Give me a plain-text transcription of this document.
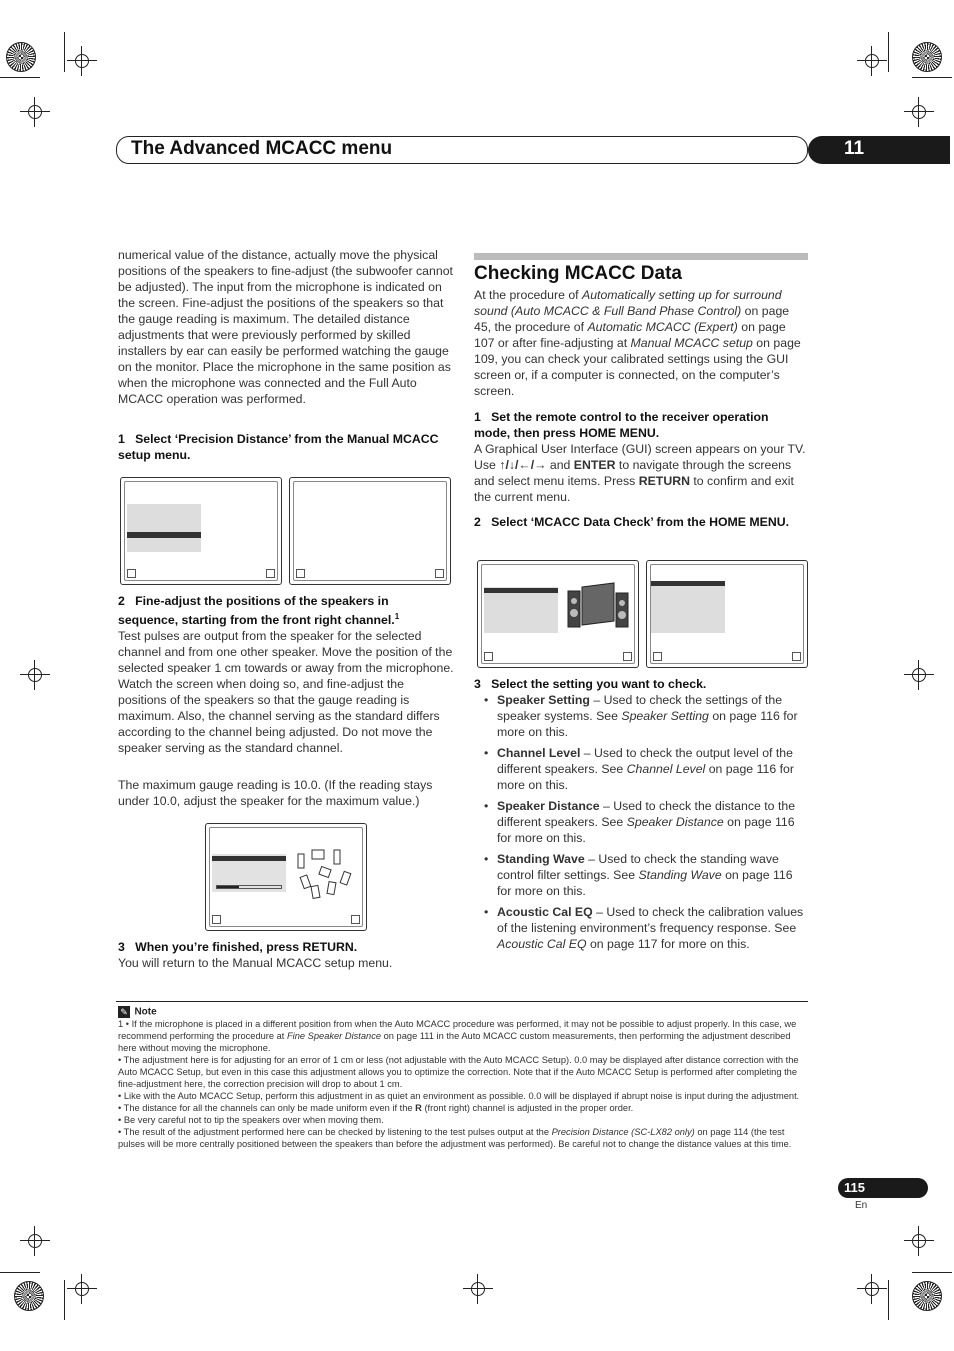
The Advanced MCACC menu	11
numerical value of the distance, actually move the physical positions of the speakers to fine-adjust (the subwoofer cannot be adjusted). The input from the microphone is indicated on the screen. Fine-adjust the positions of the speakers so that the gauge reading is maximum. The detailed distance adjustments that were previously performed by skilled installers by ear can easily be performed watching the gauge on the monitor. Place the microphone in the same position as when the microphone was connected and the Full Auto MCACC operation was performed.
1   Select ‘Precision Distance’ from the Manual MCACC setup menu.
2   Fine-adjust the positions of the speakers in sequence, starting from the front right channel.$^1$
Test pulses are output from the speaker for the selected channel and from one other speaker. Move the position of the selected speaker 1 cm towards or away from the microphone. Watch the screen when doing so, and fine-adjust the positions of the speakers so that the gauge reading is maximum. Also, the channel serving as the standard differs according to the channel being adjusted. Do not move the speaker serving as the standard channel.
The maximum gauge reading is 10.0. (If the reading stays under 10.0, adjust the speaker for the maximum value.)
3   When you’re finished, press RETURN.
You will return to the Manual MCACC setup menu.
Checking MCACC Data
At the procedure of Automatically setting up for surround sound (Auto MCACC & Full Band Phase Control) on page 45, the procedure of Automatic MCACC (Expert) on page 107 or after fine-adjusting at Manual MCACC setup on page 109, you can check your calibrated settings using the GUI screen or, if a computer is connected, on the computer’s screen.
1   Set the remote control to the receiver operation mode, then press HOME MENU.
A Graphical User Interface (GUI) screen appears on your TV. Use ↑/↓/←/→ and ENTER to navigate through the screens and select menu items. Press RETURN to confirm and exit the current menu.
2   Select ‘MCACC Data Check’ from the HOME MENU.
3   Select the setting you want to check.
• Speaker Setting – Used to check the settings of the speaker systems. See Speaker Setting on page 116 for more on this.
• Channel Level – Used to check the output level of the different speakers. See Channel Level on page 116 for more on this.
• Speaker Distance – Used to check the distance to the different speakers. See Speaker Distance on page 116 for more on this.
• Standing Wave – Used to check the standing wave control filter settings. See Standing Wave on page 116 for more on this.
• Acoustic Cal EQ – Used to check the calibration values of the listening environment’s frequency response. See Acoustic Cal EQ on page 117 for more on this.
✎ Note
1 • If the microphone is placed in a different position from when the Auto MCACC procedure was performed, it may not be possible to adjust properly. In this case, we recommend performing the procedure at Fine Speaker Distance on page 111 in the Auto MCACC custom measurements, then performing the adjustment described here without moving the microphone.
• The adjustment here is for adjusting for an error of 1 cm or less (not adjustable with the Auto MCACC Setup). 0.0 may be displayed after distance correction with the Auto MCACC Setup, but even in this case this adjustment allows you to optimize the correction. Note that if the Auto MCACC Setup is performed after completing the fine-adjustment here, the correction precision will drop to about 1 cm.
• Like with the Auto MCACC Setup, perform this adjustment in as quiet an environment as possible. 0.0 will be displayed if abrupt noise is input during the adjustment.
• The distance for all the channels can only be made uniform even if the R (front right) channel is adjusted in the proper order.
• Be very careful not to tip the speakers over when moving them.
• The result of the adjustment performed here can be checked by listening to the test pulses output at the Precision Distance (SC-LX82 only) on page 114 (the test pulses will be more centrally positioned between the speakers than before the adjustment was performed). Be careful not to change the distance values at this time.
115
En
